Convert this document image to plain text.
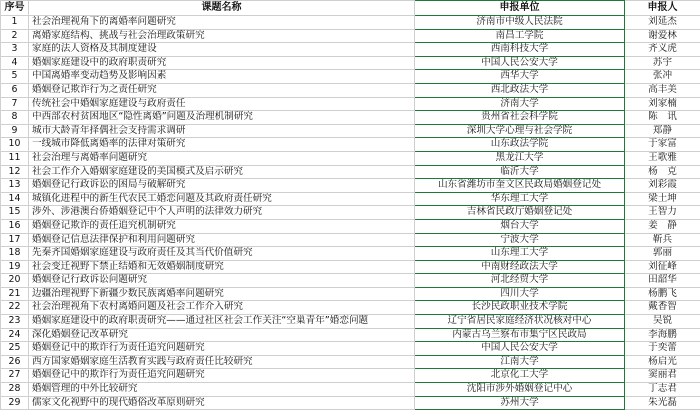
序号	课题名称	申报单位	申报人
1	社会治理视角下的离婚率问题研究	济南市中级人民法院	刘延杰
2	离婚家庭结构、挑战与社会治理政策研究	南昌工学院	谢爱林
3	家庭的法人资格及其制度建设	西南科技大学	齐义虎
4	婚姻家庭建设中的政府职责研究	中国人民公安大学	苏宇
5	中国离婚率变动趋势及影响因素	西华大学	张冲
6	婚姻登记欺诈行为之责任研究	西北政法大学	高丰美
7	传统社会中婚姻家庭建设与政府责任	济南大学	刘家楠
8	中西部农村贫困地区“隐性离婚”问题及治理机制研究	贵州省社会科学院	陈　讯
9	城市大龄青年择偶社会支持需求调研	深圳大学心理与社会学院	郑静
10	一线城市降低离婚率的法律对策研究	山东政法学院	于家富
11	社会治理与离婚率问题研究	黑龙江大学	王歌雅
12	社会工作介入婚姻家庭建设的美国模式及启示研究	临沂大学	杨　克
13	婚姻登记行政诉讼的困局与破解研究	山东省潍坊市奎文区民政局婚姻登记处	刘彩霞
14	城镇化进程中的新生代农民工婚恋问题及其政府责任研究	华东理工大学	梁土坤
15	涉外、涉港澳台侨婚姻登记中个人声明的法律效力研究	吉林省民政厅婚姻登记处	王智力
16	婚姻登记欺诈的责任追究机制研究	烟台大学	姜　静
17	婚姻登记信息法律保护和利用问题研究	宁波大学	靳兵
18	先秦齐国婚姻家庭建设与政府责任及其当代价值研究	山东理工大学	郭丽
19	社会变迁视野下禁止结婚和无效婚姻制度研究	中南财经政法大学	刘征峰
20	婚姻登记行政诉讼问题研究	河北经贸大学	田韶华
21	边疆治理视野下新疆少数民族离婚率问题研究	四川大学	杨鹏飞
22	社会治理视角下农村离婚问题及社会工作介入研究	长沙民政职业技术学院	戴香智
23	婚姻家庭建设中的政府职责研究——通过社区社会工作关注“空巢青年”婚恋问题	辽宁省居民家庭经济状况核对中心	吴锐
24	深化婚姻登记改革研究	内蒙古乌兰察布市集宁区民政局	李海鹏
25	婚姻登记中的欺诈行为责任追究问题研究	中国人民公安大学	于奕蕾
26	西方国家婚姻家庭生活教育实践与政府责任比较研究	江南大学	杨启光
27	婚姻登记中的欺诈行为责任追究问题研究	北京化工大学	窦丽君
28	婚姻管理的中外比较研究	沈阳市涉外婚姻登记中心	丁志君
29	儒家文化视野中的现代婚俗改革原则研究	苏州大学	朱光磊
